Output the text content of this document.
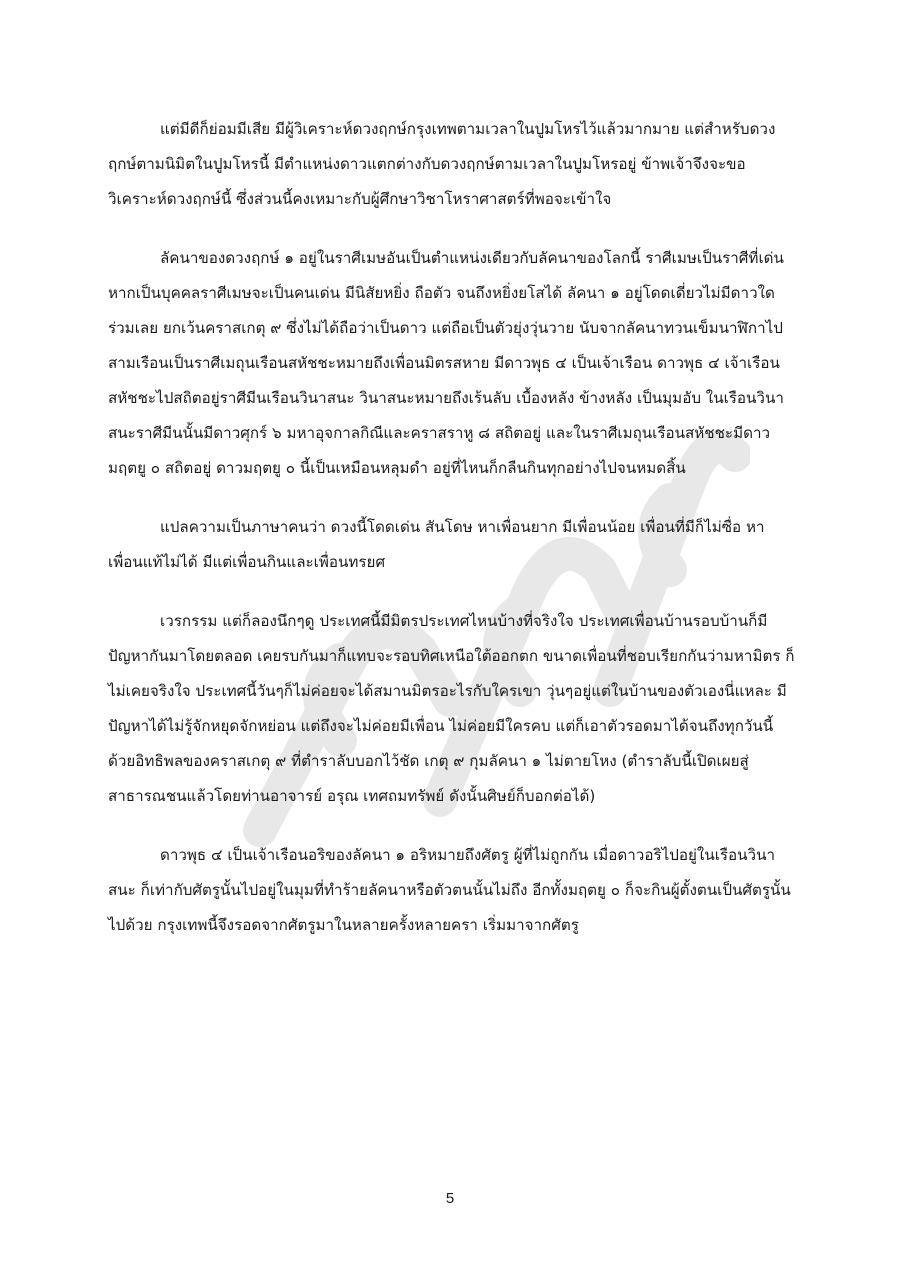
แต่มีดีก็ย่อมมีเสีย มีผู้วิเคราะห์ดวงฤกษ์กรุงเทพตามเวลาในปูมโหรไว้แล้วมากมาย แต่สำหรับดวงฤกษ์ตามนิมิตในปูมโหรนี้ มีตำแหน่งดาวแตกต่างกับดวงฤกษ์ตามเวลาในปูมโหรอยู่ ข้าพเจ้าจึงจะขอวิเคราะห์ดวงฤกษ์นี้ ซึ่งส่วนนี้คงเหมาะกับผู้ศึกษาวิชาโหราศาสตร์ที่พอจะเข้าใจ

ลัคนาของดวงฤกษ์ ๑ อยู่ในราศีเมษอันเป็นตำแหน่งเดียวกับลัคนาของโลกนี้ ราศีเมษเป็นราศีที่เด่น หากเป็นบุคคลราศีเมษจะเป็นคนเด่น มีนิสัยหยิ่ง ถือตัว จนถึงหยิ่งยโสได้ ลัคนา ๑ อยู่โดดเดี่ยวไม่มีดาวใดร่วมเลย ยกเว้นคราสเกตุ ๙ ซึ่งไม่ได้ถือว่าเป็นดาว แต่ถือเป็นตัวยุ่งวุ่นวาย นับจากลัคนาทวนเข็มนาฬิกาไปสามเรือนเป็นราศีเมถุนเรือนสหัชชะหมายถึงเพื่อนมิตรสหาย มีดาวพุธ ๔ เป็นเจ้าเรือน ดาวพุธ ๔ เจ้าเรือนสหัชชะไปสถิตอยู่ราศีมีนเรือนวินาสนะ วินาสนะหมายถึงเร้นลับ เบื้องหลัง ข้างหลัง เป็นมุมอับ ในเรือนวินาสนะราศีมีนนั้นมีดาวศุกร์ ๖ มหาอุจกาลกิณีและคราสราหู ๘ สถิตอยู่ และในราศีเมถุนเรือนสหัชชะมีดาวมฤตยู ๐ สถิตอยู่ ดาวมฤตยู ๐ นี้เป็นเหมือนหลุมดำ อยู่ที่ไหนก็กลืนกินทุกอย่างไปจนหมดสิ้น

แปลความเป็นภาษาคนว่า ดวงนี้โดดเด่น สันโดษ หาเพื่อนยาก มีเพื่อนน้อย เพื่อนที่มีก็ไม่ซื่อ หาเพื่อนแท้ไม่ได้ มีแต่เพื่อนกินและเพื่อนทรยศ

เวรกรรม แต่ก็ลองนึกๆดู ประเทศนี้มีมิตรประเทศไหนบ้างที่จริงใจ ประเทศเพื่อนบ้านรอบบ้านก็มีปัญหากันมาโดยตลอด เคยรบกันมาก็แทบจะรอบทิศเหนือใต้ออกตก ขนาดเพื่อนที่ชอบเรียกกันว่ามหามิตร ก็ไม่เคยจริงใจ ประเทศนี้วันๆก็ไม่ค่อยจะได้สมานมิตรอะไรกับใครเขา วุ่นๆอยู่แต่ในบ้านของตัวเองนี่แหละ มีปัญหาได้ไม่รู้จักหยุดจักหย่อน แต่ถึงจะไม่ค่อยมีเพื่อน ไม่ค่อยมีใครคบ แต่ก็เอาตัวรอดมาได้จนถึงทุกวันนี้ ด้วยอิทธิพลของคราสเกตุ ๙ ที่ตำราลับบอกไว้ชัด เกตุ ๙ กุมลัคนา ๑ ไม่ตายโหง (ตำราลับนี้เปิดเผยสู่สาธารณชนแล้วโดยท่านอาจารย์ อรุณ เทศถมทรัพย์ ดังนั้นศิษย์ก็บอกต่อได้)

ดาวพุธ ๔ เป็นเจ้าเรือนอริของลัคนา ๑ อริหมายถึงศัตรู ผู้ที่ไม่ถูกกัน เมื่อดาวอริไปอยู่ในเรือนวินาสนะ ก็เท่ากับศัตรูนั้นไปอยู่ในมุมที่ทำร้ายลัคนาหรือตัวตนนั้นไม่ถึง อีกทั้งมฤตยู ๐ ก็จะกินผู้ตั้งตนเป็นศัตรูนั้นไปด้วย กรุงเทพนี้จึงรอดจากศัตรูมาในหลายครั้งหลายครา เริ่มมาจากศัตรู

5
